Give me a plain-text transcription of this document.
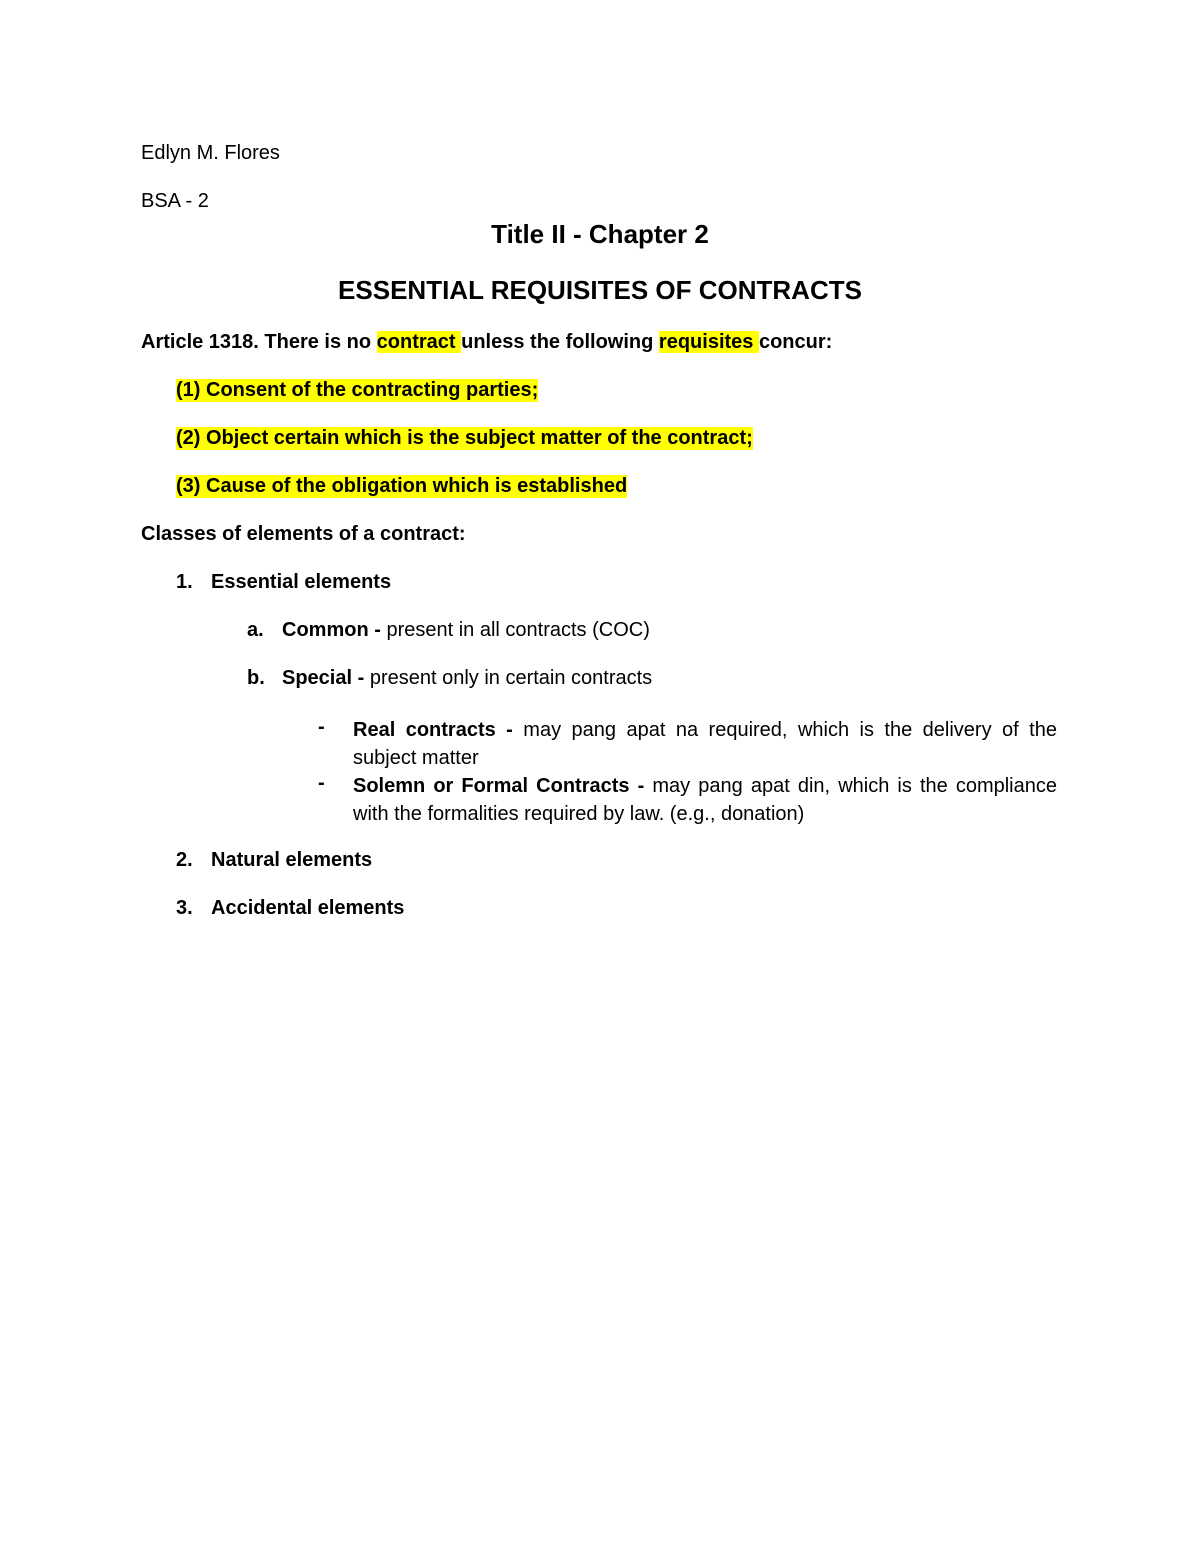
Edlyn M. Flores
BSA - 2
Title II - Chapter 2
ESSENTIAL REQUISITES OF CONTRACTS
Article 1318. There is no contract unless the following requisites concur:
(1) Consent of the contracting parties;
(2) Object certain which is the subject matter of the contract;
(3) Cause of the obligation which is established
Classes of elements of a contract:
1. Essential elements
a. Common - present in all contracts (COC)
b. Special - present only in certain contracts
- Real contracts - may pang apat na required, which is the delivery of the subject matter
- Solemn or Formal Contracts - may pang apat din, which is the compliance with the formalities required by law. (e.g., donation)
2. Natural elements
3. Accidental elements
